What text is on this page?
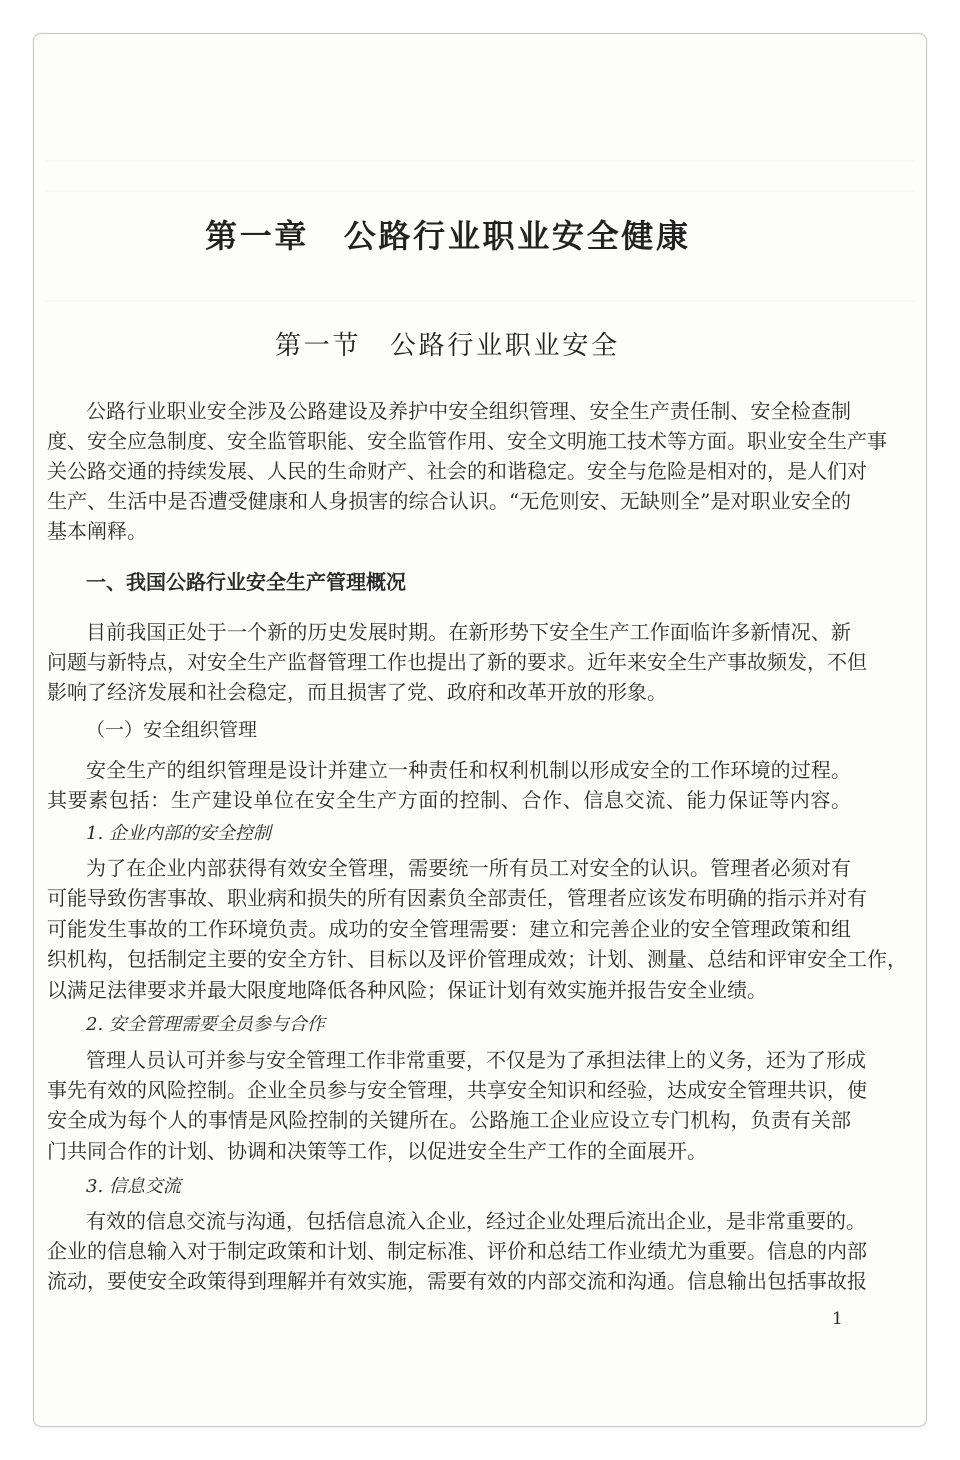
第一章　公路行业职业安全健康
第一节　公路行业职业安全
公路行业职业安全涉及公路建设及养护中安全组织管理、安全生产责任制、安全检查制
度、安全应急制度、安全监管职能、安全监管作用、安全文明施工技术等方面。职业安全生产事
关公路交通的持续发展、人民的生命财产、社会的和谐稳定。安全与危险是相对的，是人们对
生产、生活中是否遭受健康和人身损害的综合认识。“无危则安、无缺则全”是对职业安全的
基本阐释。
一、我国公路行业安全生产管理概况
目前我国正处于一个新的历史发展时期。在新形势下安全生产工作面临许多新情况、新
问题与新特点，对安全生产监督管理工作也提出了新的要求。近年来安全生产事故频发，不但
影响了经济发展和社会稳定，而且损害了党、政府和改革开放的形象。
（一）安全组织管理
安全生产的组织管理是设计并建立一种责任和权利机制以形成安全的工作环境的过程。
其要素包括：生产建设单位在安全生产方面的控制、合作、信息交流、能力保证等内容。
1. 企业内部的安全控制
为了在企业内部获得有效安全管理，需要统一所有员工对安全的认识。管理者必须对有
可能导致伤害事故、职业病和损失的所有因素负全部责任，管理者应该发布明确的指示并对有
可能发生事故的工作环境负责。成功的安全管理需要：建立和完善企业的安全管理政策和组
织机构，包括制定主要的安全方针、目标以及评价管理成效；计划、测量、总结和评审安全工作，
以满足法律要求并最大限度地降低各种风险；保证计划有效实施并报告安全业绩。
2. 安全管理需要全员参与合作
管理人员认可并参与安全管理工作非常重要，不仅是为了承担法律上的义务，还为了形成
事先有效的风险控制。企业全员参与安全管理，共享安全知识和经验，达成安全管理共识，使
安全成为每个人的事情是风险控制的关键所在。公路施工企业应设立专门机构，负责有关部
门共同合作的计划、协调和决策等工作，以促进安全生产工作的全面展开。
3. 信息交流
有效的信息交流与沟通，包括信息流入企业，经过企业处理后流出企业，是非常重要的。
企业的信息输入对于制定政策和计划、制定标准、评价和总结工作业绩尤为重要。信息的内部
流动，要使安全政策得到理解并有效实施，需要有效的内部交流和沟通。信息输出包括事故报
1
